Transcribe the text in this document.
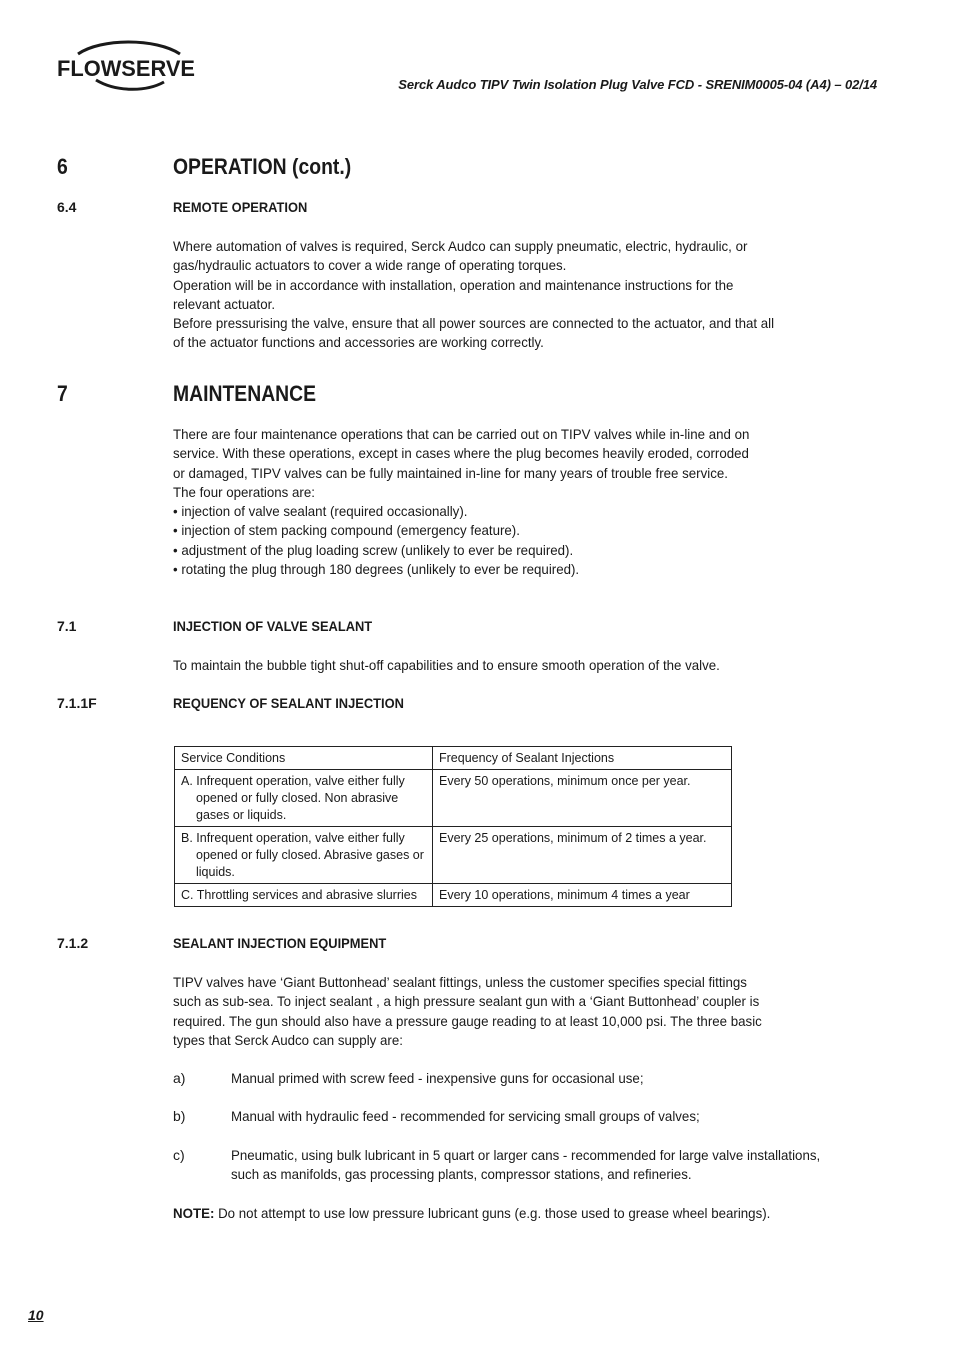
FLOWSERVE
Serck Audco TIPV Twin Isolation Plug Valve FCD - SRENIM0005-04 (A4) – 02/14
6	OPERATION (cont.)
6.4	REMOTE OPERATION

Where automation of valves is required, Serck Audco can supply pneumatic, electric, hydraulic, or

gas/hydraulic actuators to cover a wide range of operating torques.

Operation will be in accordance with installation, operation and maintenance instructions for the

relevant actuator.

Before pressurising the valve, ensure that all power sources are connected to the actuator, and that all

of the actuator functions and accessories are working correctly.

7	MAINTENANCE

There are four maintenance operations that can be carried out on TIPV valves while in-line and on

service. With these operations, except in cases where the plug becomes heavily eroded, corroded

or damaged, TIPV valves can be fully maintained in-line for many years of trouble free service.

The four operations are:

• injection of valve sealant (required occasionally).

• injection of stem packing compound (emergency feature).

• adjustment of the plug loading screw (unlikely to ever be required).

• rotating the plug through 180 degrees (unlikely to ever be required).

7.1	INJECTION OF VALVE SEALANT

To maintain the bubble tight shut-off capabilities and to ensure smooth operation of the valve.

7.1.1F	REQUENCY OF SEALANT INJECTION
Service Conditions	Frequency of Sealant Injections

A. Infrequent operation, valve either fully opened or fully closed. Non abrasive gases or liquids.	Every 50 operations, minimum once per year.

B. Infrequent operation, valve either fully opened or fully closed. Abrasive gases or liquids.	Every 25 operations, minimum of 2 times a year.
C. Throttling services and abrasive slurries	Every 10 operations, minimum 4 times a year
7.1.2	SEALANT INJECTION EQUIPMENT

TIPV valves have ‘Giant Buttonhead’ sealant fittings, unless the customer specifies special fittings

such as sub-sea. To inject sealant , a high pressure sealant gun with a ‘Giant Buttonhead’ coupler is

required. The gun should also have a pressure gauge reading to at least 10,000 psi. The three basic

types that Serck Audco can supply are:

a)	Manual primed with screw feed - inexpensive guns for occasional use;
b)	Manual with hydraulic feed - recommended for servicing small groups of valves;
c)	Pneumatic, using bulk lubricant in 5 quart or larger cans - recommended for large valve installations,
such as manifolds, gas processing plants, compressor stations, and refineries.

NOTE: Do not attempt to use low pressure lubricant guns (e.g. those used to grease wheel bearings).

10
